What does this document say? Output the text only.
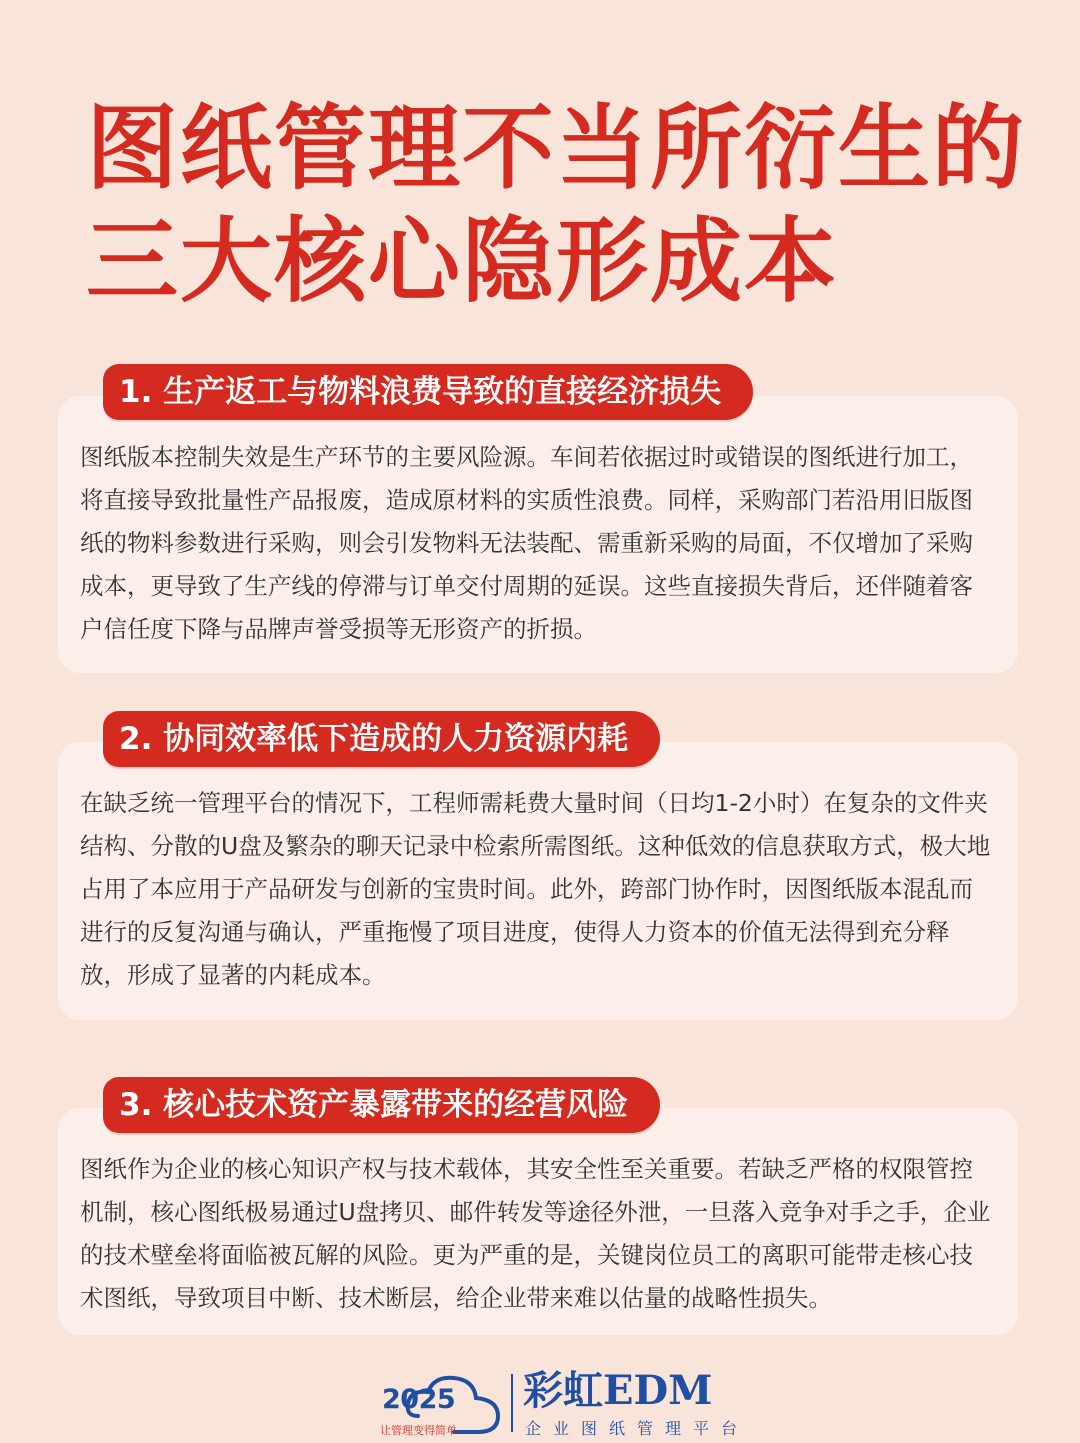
图纸管理不当所衍生的
三大核心隐形成本

图纸版本控制失效是生产环节的主要风险源。车间若依据过时或错误的图纸进行加工，将直接导致批量性产品报废，造成原材料的实质性浪费。同样，采购部门若沿用旧版图纸的物料参数进行采购，则会引发物料无法装配、需重新采购的局面，不仅增加了采购成本，更导致了生产线的停滞与订单交付周期的延误。这些直接损失背后，还伴随着客户信任度下降与品牌声誉受损等无形资产的折损。

1. 生产返工与物料浪费导致的直接经济损失

在缺乏统一管理平台的情况下，工程师需耗费大量时间（日均1-2小时）在复杂的文件夹结构、分散的U盘及繁杂的聊天记录中检索所需图纸。这种低效的信息获取方式，极大地占用了本应用于产品研发与创新的宝贵时间。此外，跨部门协作时，因图纸版本混乱而进行的反复沟通与确认，严重拖慢了项目进度，使得人力资本的价值无法得到充分释放，形成了显著的内耗成本。

2. 协同效率低下造成的人力资源内耗

图纸作为企业的核心知识产权与技术载体，其安全性至关重要。若缺乏严格的权限管控机制，核心图纸极易通过U盘拷贝、邮件转发等途径外泄，一旦落入竞争对手之手，企业的技术壁垒将面临被瓦解的风险。更为严重的是，关键岗位员工的离职可能带走核心技术图纸，导致项目中断、技术断层，给企业带来难以估量的战略性损失。

3. 核心技术资产暴露带来的经营风险
2025
让管理变得简单
彩虹EDM
企业图纸管理平台
